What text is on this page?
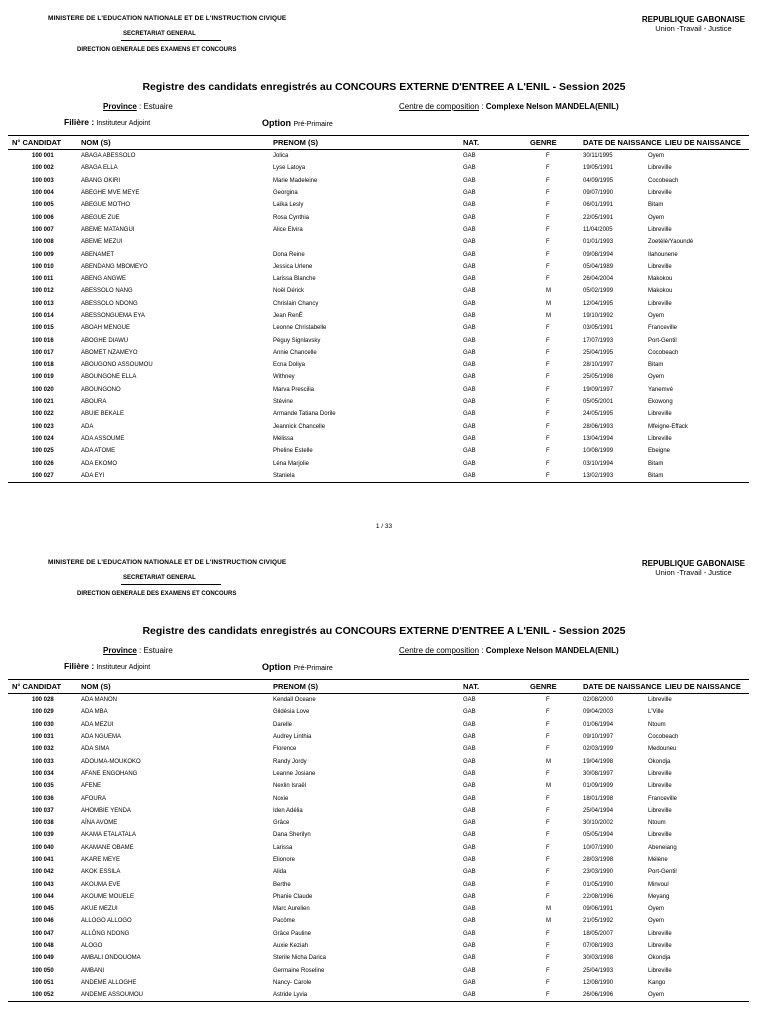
MINISTERE DE L'EDUCATION NATIONALE ET DE L'INSTRUCTION CIVIQUE
SECRETARIAT GENERAL
DIRECTION GENERALE DES EXAMENS ET CONCOURS
REPUBLIQUE GABONAISE
Union -Travail - Justice
Registre des candidats enregistrés au CONCOURS EXTERNE D'ENTREE A L'ENIL - Session 2025
Province : Estuaire	Centre de composition : Complexe Nelson MANDELA(ENIL)
Filière : Instituteur Adjoint	Option Pré-Primaire
N° CANDIDAT	NOM (S)	PRENOM (S)	NAT.	GENRE	DATE DE NAISSANCE	LIEU DE NAISSANCE
100 001	ABAGA ABESSOLO	Jolica	GAB	F	30/11/1995	Oyem
100 002	ABAGA ELLA	Lyse Latoya	GAB	F	19/05/1991	Libreville
100 003	ABANG OKIRI	Marie Madeleine	GAB	F	04/09/1995	Cocobeach
100 004	ABEGHE MVE MEYE	Georgina	GAB	F	09/07/1990	Libreville
100 005	ABEGUE MOTHO	Laïka Lesly	GAB	F	06/01/1991	Bitam
100 006	ABEGUE ZUE	Rosa Cynthia	GAB	F	22/05/1991	Oyem
100 007	ABEME MATANGUI	Alice Elvira	GAB	F	11/04/2005	Libreville
100 008	ABEME MEZUI		GAB	F	01/01/1993	Zoetélé/Yaoundé
100 009	ABENAMET	Dona Reine	GAB	F	09/08/1994	Ilahounene
100 010	ABENDANG MBOMEYO	Jessica Urlene	GAB	F	05/04/1989	Libreville
100 011	ABENG ANGWE	Larissa Blanche	GAB	F	26/04/2004	Makokou
100 012	ABESSOLO NANG	Noël Dérick	GAB	M	05/02/1999	Makokou
100 013	ABESSOLO NDONG	Chrislain Chancy	GAB	M	12/04/1995	Libreville
100 014	ABESSONGUEMA EYA	Jean RenÉ	GAB	M	19/10/1992	Oyem
100 015	ABOAH MENGUE	Leonne Christabelle	GAB	F	03/05/1991	Franceville
100 016	ABOGHE DIAWU	Péguy Signlavsky	GAB	F	17/07/1993	Port-Gentil
100 017	ABOMET NZAMEYO	Annie Chancelle	GAB	F	25/04/1995	Cocobeach
100 018	ABOUGONO ASSOUMOU	Ecna Doliya	GAB	F	28/10/1997	Bitam
100 019	ABOUNGONE ELLA	Withney	GAB	F	25/05/1998	Oyem
100 020	ABOUNGONO	Marva Prescilia	GAB	F	19/09/1997	Yanemvé
100 021	ABOURA	Stévine	GAB	F	05/05/2001	Ekowong
100 022	ABUIE BEKALE	Armande Tatiana Dorile	GAB	F	24/05/1995	Libreville
100 023	ADA	Jeannick Chancelle	GAB	F	28/06/1993	Mfeigne-Effack
100 024	ADA ASSOUME	Mélissa	GAB	F	13/04/1994	Libreville
100 025	ADA ATOME	Pheline Estelle	GAB	F	10/08/1999	Ebeigne
100 026	ADA EKOMO	Léna Marjolie	GAB	F	03/10/1994	Bitam
100 027	ADA EYI	Staniela	GAB	F	13/02/1993	Bitam
1 / 33
MINISTERE DE L'EDUCATION NATIONALE ET DE L'INSTRUCTION CIVIQUE
SECRETARIAT GENERAL
DIRECTION GENERALE DES EXAMENS ET CONCOURS
REPUBLIQUE GABONAISE
Union -Travail - Justice
Registre des candidats enregistrés au CONCOURS EXTERNE D'ENTREE A L'ENIL - Session 2025
Province : Estuaire	Centre de composition : Complexe Nelson MANDELA(ENIL)
Filière : Instituteur Adjoint	Option Pré-Primaire
N° CANDIDAT	NOM (S)	PRENOM (S)	NAT.	GENRE	DATE DE NAISSANCE	LIEU DE NAISSANCE
100 028	ADA MANON	Kendall Oceane	GAB	F	02/08/2000	Libreville
100 029	ADA MBA	Gildésia Love	GAB	F	09/04/2003	L'Ville
100 030	ADA MEZUI	Darelle	GAB	F	01/06/1994	Ntoum
100 031	ADA NGUEMA	Audrey Linthia	GAB	F	09/10/1997	Cocobeach
100 032	ADA SIMA	Florence	GAB	F	02/03/1999	Medouneu
100 033	ADOUMA-MOUKOKO	Randy Jordy	GAB	M	19/04/1998	Okondja
100 034	AFANE ENGOHANG	Leanne Josiane	GAB	F	30/08/1997	Libreville
100 035	AFENE	Nexlin Israël	GAB	M	01/09/1999	Libreville
100 036	AFOURA	Noxie	GAB	F	18/01/1998	Franceville
100 037	AHOMBIE YENDA	Iden Adélia	GAB	F	25/04/1994	Libreville
100 038	AÏNA AVOME	Grâce	GAB	F	30/10/2002	Ntoum
100 039	AKAMA ETALATALA	Dana Sherilyn	GAB	F	05/05/1994	Libreville
100 040	AKAMANE OBAME	Larissa	GAB	F	10/07/1990	Abeneiang
100 041	AKARE MEYE	Elionore	GAB	F	28/03/1998	Mélène
100 042	AKOK ESSILA	Alida	GAB	F	23/03/1990	Port-Gentil
100 043	AKOUMA EVE	Berthe	GAB	F	01/05/1990	Minvoul
100 044	AKOUME MOUELE	Phanie Claude	GAB	F	22/08/1996	Meyang
100 045	AKUE MEZUI	Marc Aurelien	GAB	M	09/06/1991	Oyem
100 046	ALLOGO ALLOGO	Pacôme	GAB	M	21/05/1992	Oyem
100 047	ALLÔNG NDONG	Grâce Pauline	GAB	F	18/05/2007	Libreville
100 048	ALOGO	Auxie Keziah	GAB	F	07/08/1993	Libreville
100 049	AMBALI ONDOUOMA	Sterile Nicha Darica	GAB	F	30/03/1998	Okondja
100 050	AMBANI	Germaine Roseline	GAB	F	25/04/1993	Libreville
100 051	ANDEME ALLOGHE	Nancy- Carole	GAB	F	12/08/1990	Kango
100 052	ANDEME ASSOUMOU	Astride Lyvia	GAB	F	26/06/1996	Oyem
